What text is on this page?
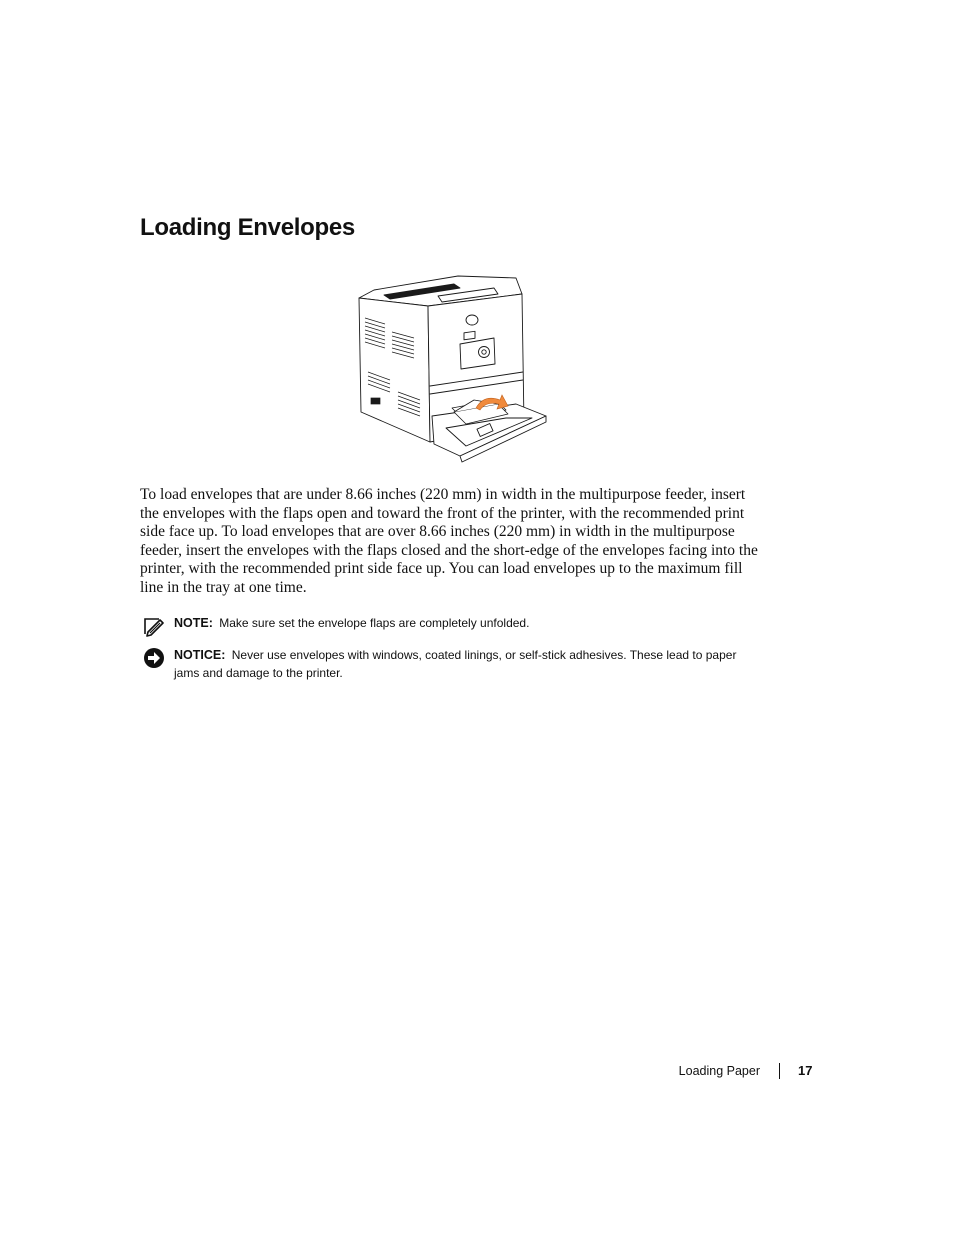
Loading Envelopes

To load envelopes that are under 8.66 inches (220 mm) in width in the multipurpose feeder, insert the envelopes with the flaps open and toward the front of the printer, with the recommended print side face up. To load envelopes that are over 8.66 inches (220 mm) in width in the multipurpose feeder, insert the envelopes with the flaps closed and the short-edge of the envelopes facing into the printer, with the recommended print side face up. You can load envelopes up to the maximum fill line in the tray at one time.

NOTE: Make sure set the envelope flaps are completely unfolded.

NOTICE: Never use envelopes with windows, coated linings, or self-stick adhesives. These lead to paper jams and damage to the printer.

Loading Paper	17
